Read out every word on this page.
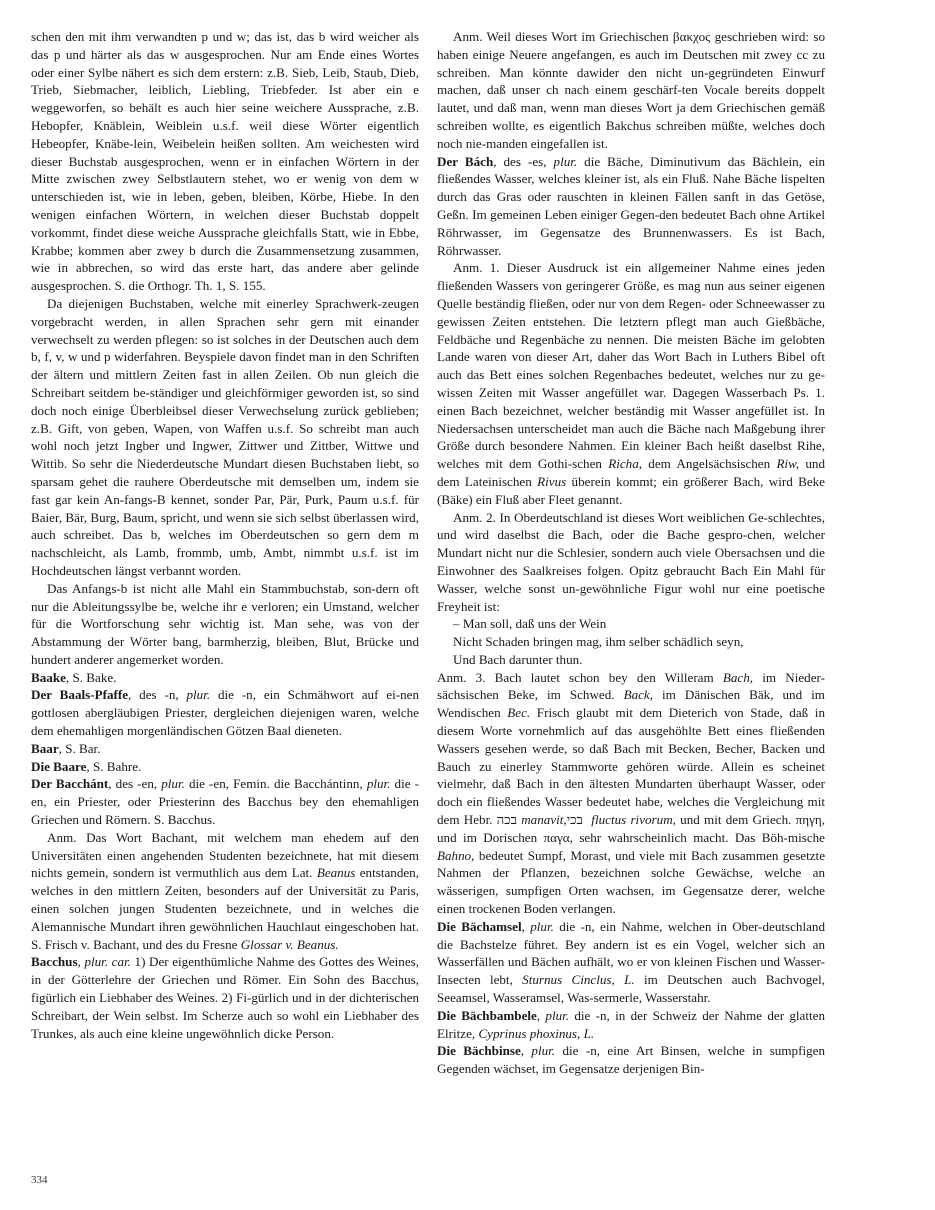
schen den mit ihm verwandten p und w; das ist, das b wird weicher als das p und härter als das w ausgesprochen. Nur am Ende eines Wortes oder einer Sylbe nähert es sich dem erstern: z.B. Sieb, Leib, Staub, Dieb, Trieb, Siebmacher, leiblich, Liebling, Triebfeder. Ist aber ein e weggeworfen, so behält es auch hier seine weichere Aussprache, z.B. Hebopfer, Knäblein, Weiblein u.s.f. weil diese Wörter eigentlich Hebeopfer, Knäbe-lein, Weibelein heißen sollten. Am weichesten wird dieser Buchstab ausgesprochen, wenn er in einfachen Wörtern in der Mitte zwischen zwey Selbstlautern stehet, wo er wenig von dem w unterschieden ist, wie in leben, geben, bleiben, Körbe, Hiebe. In den wenigen einfachen Wörtern, in welchen dieser Buchstab doppelt vorkommt, findet diese weiche Aussprache gleichfalls Statt, wie in Ebbe, Krabbe; kommen aber zwey b durch die Zusammensetzung zusammen, wie in abbrechen, so wird das erste hart, das andere aber gelinde ausgesprochen. S. die Orthogr. Th. 1, S. 155.

Da diejenigen Buchstaben, welche mit einerley Sprachwerk-zeugen vorgebracht werden, in allen Sprachen sehr gern mit einander verwechselt zu werden pflegen: so ist solches in der Deutschen auch dem b, f, v, w und p widerfahren. Beyspiele davon findet man in den Schriften der ältern und mittlern Zeiten fast in allen Zeilen. Ob nun gleich die Schreibart seitdem be-ständiger und gleichförmiger geworden ist, so sind doch noch einige Überbleibsel dieser Verwechselung zurück geblieben; z.B. Gift, von geben, Wapen, von Waffen u.s.f. So schreibt man auch wohl noch jetzt Ingber und Ingwer, Zittwer und Zittber, Wittwe und Wittib. So sehr die Niederdeutsche Mundart diesen Buchstaben liebt, so sparsam gehet die rauhere Oberdeutsche mit demselben um, indem sie fast gar kein An-fangs-B kennet, sonder Par, Pär, Purk, Paum u.s.f. für Baier, Bär, Burg, Baum, spricht, und wenn sie sich selbst überlassen wird, auch schreibet. Das b, welches im Oberdeutschen so gern dem m nachschleicht, als Lamb, frommb, umb, Ambt, nimmbt u.s.f. ist im Hochdeutschen längst verbannt worden.

Das Anfangs-b ist nicht alle Mahl ein Stammbuchstab, son-dern oft nur die Ableitungssylbe be, welche ihr e verloren; ein Umstand, welcher für die Wortforschung sehr wichtig ist. Man sehe, was von der Abstammung der Wörter bang, barmherzig, bleiben, Blut, Brücke und hundert anderer angemerket worden.

Baake, S. Bake.

Der Baals-Pfaffe, des -n, plur. die -n, ein Schmähwort auf ei-nen gottlosen abergläubigen Priester, dergleichen diejenigen waren, welche dem ehemahligen morgenländischen Götzen Baal dieneten.

Baar, S. Bar.

Die Baare, S. Bahre.

Der Bacchánt, des -en, plur. die -en, Femin. die Bacchántinn, plur. die -en, ein Priester, oder Priesterinn des Bacchus bey den ehemahligen Griechen und Römern. S. Bacchus.

Anm. Das Wort Bachant, mit welchem man ehedem auf den Universitäten einen angehenden Studenten bezeichnete, hat mit diesem nichts gemein, sondern ist vermuthlich aus dem Lat. Beanus entstanden, welches in den mittlern Zeiten, besonders auf der Universität zu Paris, einen solchen jungen Studenten bezeichnete, und in welches die Alemannische Mundart ihren gewöhnlichen Hauchlaut eingeschoben hat. S. Frisch v. Bachant, und des du Fresne Glossar v. Beanus.

Bacchus, plur. car. 1) Der eigenthümliche Nahme des Gottes des Weines, in der Götterlehre der Griechen und Römer. Ein Sohn des Bacchus, figürlich ein Liebhaber des Weines. 2) Fi-gürlich und in der dichterischen Schreibart, der Wein selbst. Im Scherze auch so wohl ein Liebhaber des Trunkes, als auch eine kleine ungewöhnlich dicke Person.

Anm. Weil dieses Wort im Griechischen βακχος geschrieben wird: so haben einige Neuere angefangen, es auch im Deutschen mit zwey cc zu schreiben. Man könnte dawider den nicht un-gegründeten Einwurf machen, daß unser ch nach einem geschärf-ten Vocale bereits doppelt lautet, und daß man, wenn man dieses Wort ja dem Griechischen gemäß schreiben wollte, es eigentlich Bakchus schreiben müßte, welches doch noch nie-manden eingefallen ist.

Der Bách, des -es, plur. die Bäche, Diminutivum das Bächlein, ein fließendes Wasser, welches kleiner ist, als ein Fluß. Nahe Bäche lispelten durch das Gras oder rauschten in kleinen Fällen sanft in das Getöse, Geßn. Im gemeinen Leben einiger Gegen-den bedeutet Bach ohne Artikel Röhrwasser, im Gegensatze des Brunnenwassers. Es ist Bach, Röhrwasser.

Anm. 1. Dieser Ausdruck ist ein allgemeiner Nahme eines jeden fließenden Wassers von geringerer Größe, es mag nun aus seiner eigenen Quelle beständig fließen, oder nur von dem Regen- oder Schneewasser zu gewissen Zeiten entstehen. Die letztern pflegt man auch Gießbäche, Feldbäche und Regenbäche zu nennen. Die meisten Bäche im gelobten Lande waren von dieser Art, daher das Wort Bach in Luthers Bibel oft auch das Bett eines solchen Regenbaches bedeutet, welches nur zu ge-wissen Zeiten mit Wasser angefüllet war. Dagegen Wasserbach Ps. 1. einen Bach bezeichnet, welcher beständig mit Wasser angefüllet ist. In Niedersachsen unterscheidet man auch die Bäche nach Maßgebung ihrer Größe durch besondere Nahmen. Ein kleiner Bach heißt daselbst Rihe, welches mit dem Gothi-schen Richa, dem Angelsächsischen Riw, und dem Lateinischen Rivus überein kommt; ein größerer Bach, wird Beke (Bäke) ein Fluß aber Fleet genannt.

Anm. 2. In Oberdeutschland ist dieses Wort weiblichen Ge-schlechtes, und wird daselbst die Bach, oder die Bache gespro-chen, welcher Mundart nicht nur die Schlesier, sondern auch viele Obersachsen und die Einwohner des Saalkreises folgen. Opitz gebraucht Bach Ein Mahl für Wasser, welche sonst un-gewöhnliche Figur wohl nur eine poetische Freyheit ist:

– Man soll, daß uns der Wein

Nicht Schaden bringen mag, ihm selber schädlich seyn,

Und Bach darunter thun.

Anm. 3. Bach lautet schon bey den Willeram Bach, im Nieder-sächsischen Beke, im Schwed. Back, im Dänischen Bäk, und im Wendischen Bec. Frisch glaubt mit dem Dieterich von Stade, daß in diesem Worte vornehmlich auf das ausgehöhlte Bett eines fließenden Wassers gesehen werde, so daß Bach mit Becken, Becher, Backen und Bauch zu einerley Stammworte gehören würde. Allein es scheinet vielmehr, daß Bach in den ältesten Mundarten überhaupt Wasser, oder doch ein fließendes Wasser bedeutet habe, welches die Vergleichung mit dem Hebr. בכה manavit, בכי fluctus rivorum, und mit dem Griech. πηγη, und im Dorischen παγα, sehr wahrscheinlich macht. Das Böh-mische Bahno, bedeutet Sumpf, Morast, und viele mit Bach zusammen gesetzte Nahmen der Pflanzen, bezeichnen solche Gewächse, welche an wässerigen, sumpfigen Orten wachsen, im Gegensatze derer, welche einen trockenen Boden verlangen.

Die Bächamsel, plur. die -n, ein Nahme, welchen in Ober-deutschland die Bachstelze führet. Bey andern ist es ein Vogel, welcher sich an Wasserfällen und Bächen aufhält, wo er von kleinen Fischen und Wasser-Insecten lebt, Sturnus Cinclus, L. im Deutschen auch Bachvogel, Seeamsel, Wasseramsel, Was-sermerle, Wasserstahr.

Die Bächbambele, plur. die -n, in der Schweiz der Nahme der glatten Elritze, Cyprinus phoxinus, L.

Die Bächbinse, plur. die -n, eine Art Binsen, welche in sumpfigen Gegenden wächset, im Gegensatze derjenigen Bin-

334
